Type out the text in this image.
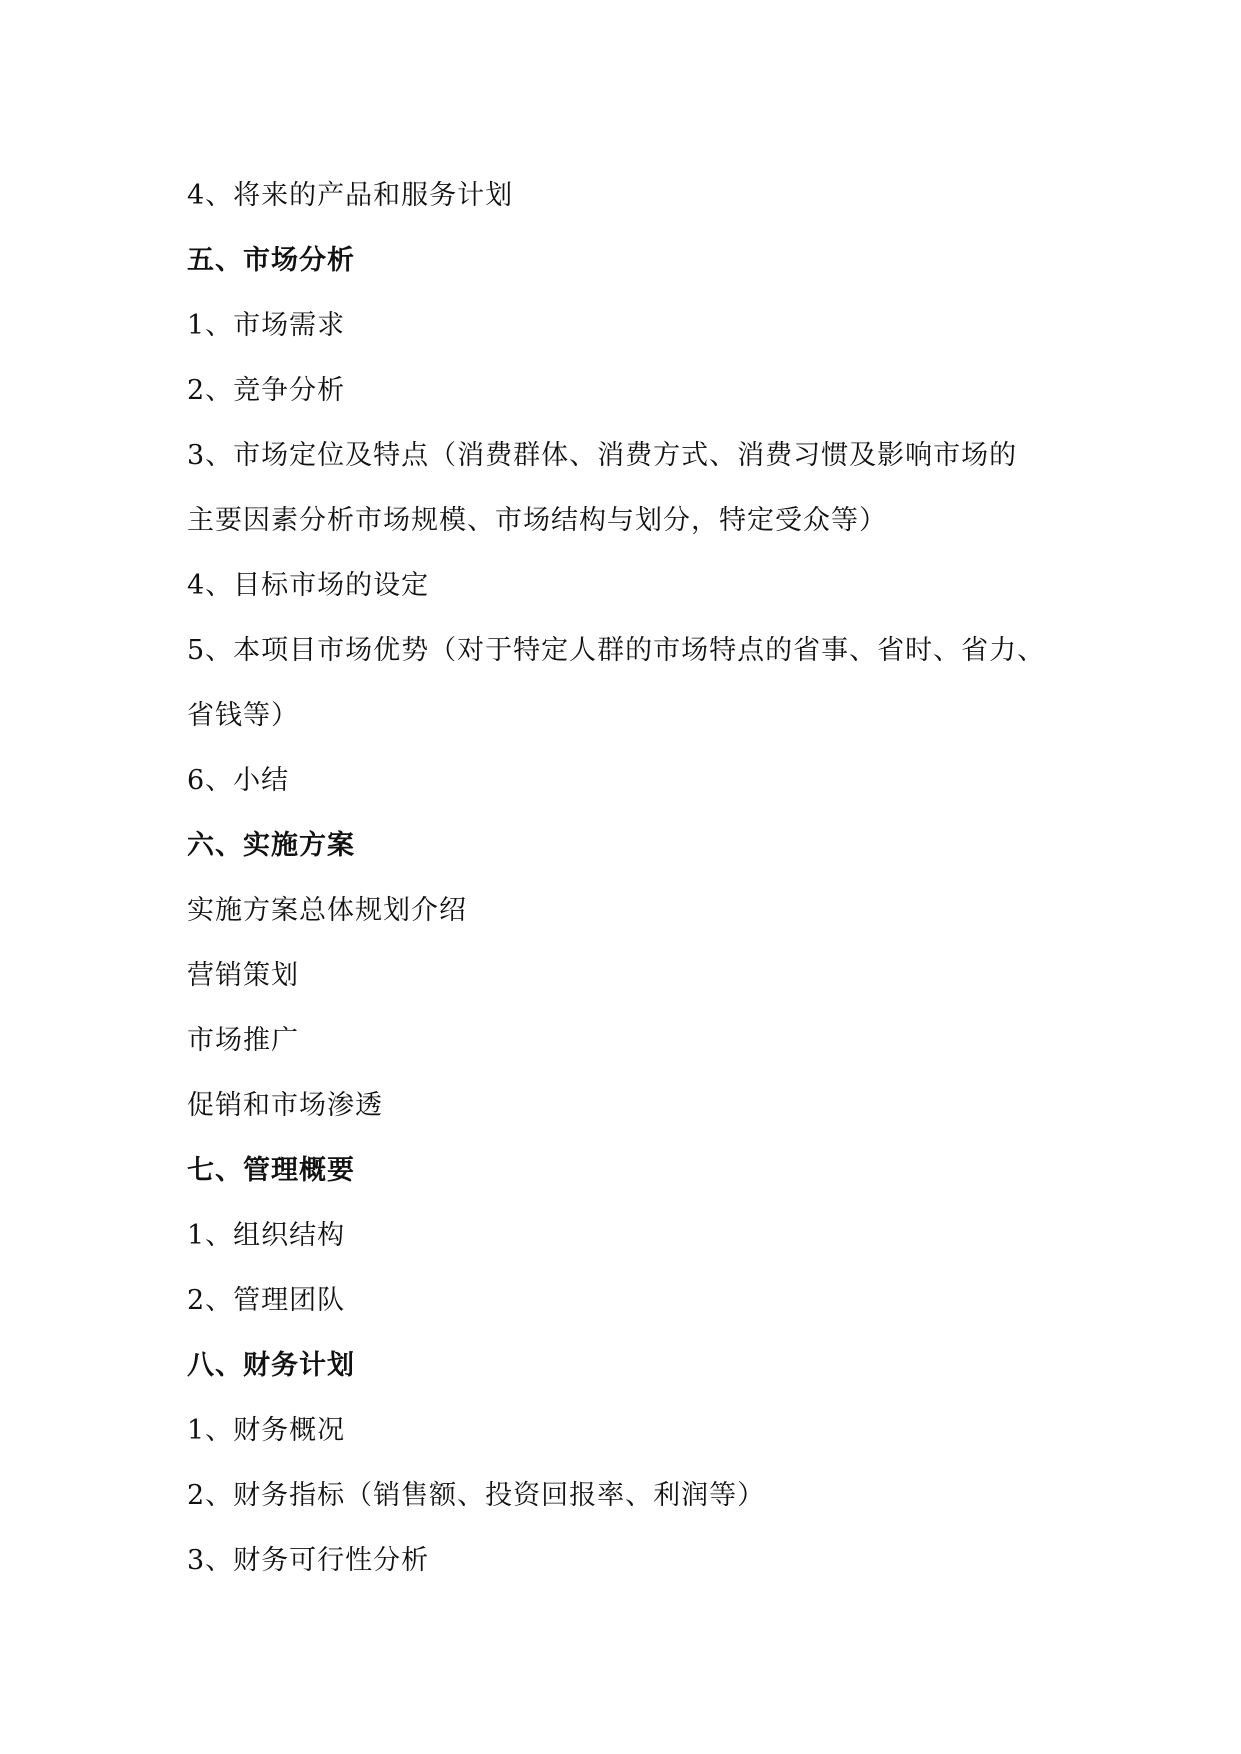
4、将来的产品和服务计划
五、市场分析
1、市场需求
2、竞争分析
3、市场定位及特点（消费群体、消费方式、消费习惯及影响市场的
主要因素分析市场规模、市场结构与划分，特定受众等）
4、目标市场的设定
5、本项目市场优势（对于特定人群的市场特点的省事、省时、省力、
省钱等）
6、小结
六、实施方案
实施方案总体规划介绍
营销策划
市场推广
促销和市场渗透
七、管理概要
1、组织结构
2、管理团队
八、财务计划
1、财务概况
2、财务指标（销售额、投资回报率、利润等）
3、财务可行性分析
